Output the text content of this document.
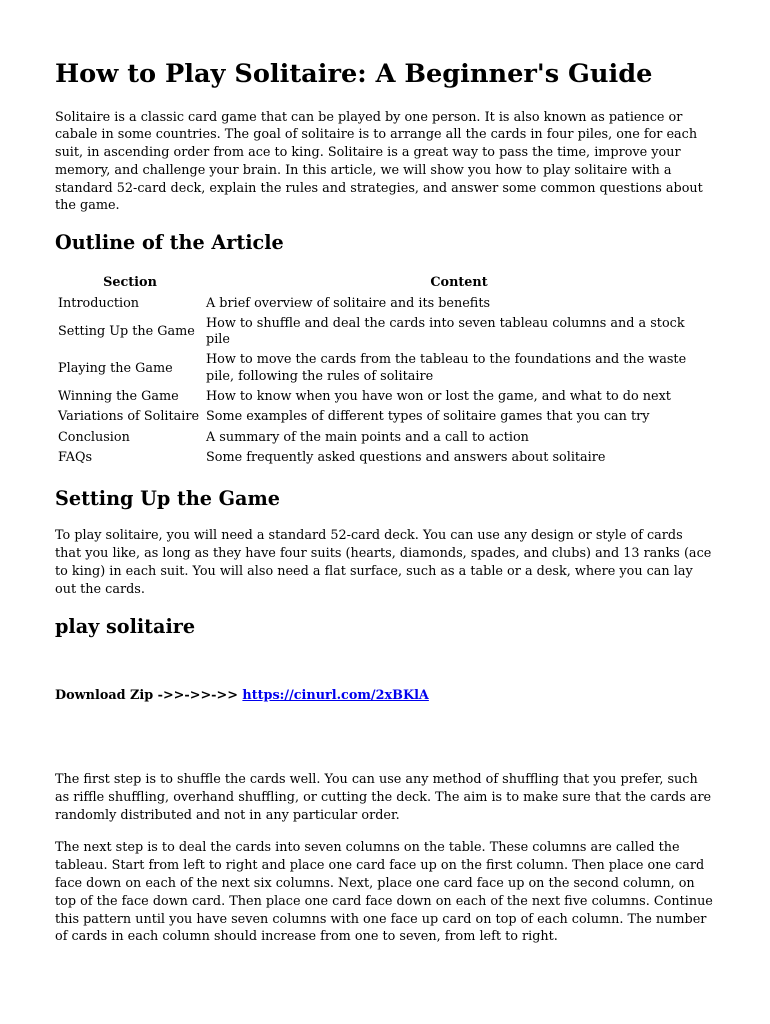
How to Play Solitaire: A Beginner's Guide

Solitaire is a classic card game that can be played by one person. It is also known as patience or
cabale in some countries. The goal of solitaire is to arrange all the cards in four piles, one for each
suit, in ascending order from ace to king. Solitaire is a great way to pass the time, improve your
memory, and challenge your brain. In this article, we will show you how to play solitaire with a
standard 52-card deck, explain the rules and strategies, and answer some common questions about
the game.

Outline of the Article
Section	Content
Introduction	A brief overview of solitaire and its benefits

Setting Up the Game	How to shuffle and deal the cards into seven tableau columns and a stock
pile

Playing the Game	How to move the cards from the tableau to the foundations and the waste
pile, following the rules of solitaire

Winning the Game	How to know when you have won or lost the game, and what to do next

Variations of Solitaire	Some examples of different types of solitaire games that you can try

Conclusion	A summary of the main points and a call to action

FAQs	Some frequently asked questions and answers about solitaire
Setting Up the Game

To play solitaire, you will need a standard 52-card deck. You can use any design or style of cards
that you like, as long as they have four suits (hearts, diamonds, spades, and clubs) and 13 ranks (ace
to king) in each suit. You will also need a flat surface, such as a table or a desk, where you can lay
out the cards.

play solitaire

Download Zip ->>->>->> https://cinurl.com/2xBKlA

The first step is to shuffle the cards well. You can use any method of shuffling that you prefer, such
as riffle shuffling, overhand shuffling, or cutting the deck. The aim is to make sure that the cards are
randomly distributed and not in any particular order.

The next step is to deal the cards into seven columns on the table. These columns are called the
tableau. Start from left to right and place one card face up on the first column. Then place one card
face down on each of the next six columns. Next, place one card face up on the second column, on
top of the face down card. Then place one card face down on each of the next five columns. Continue
this pattern until you have seven columns with one face up card on top of each column. The number
of cards in each column should increase from one to seven, from left to right.
